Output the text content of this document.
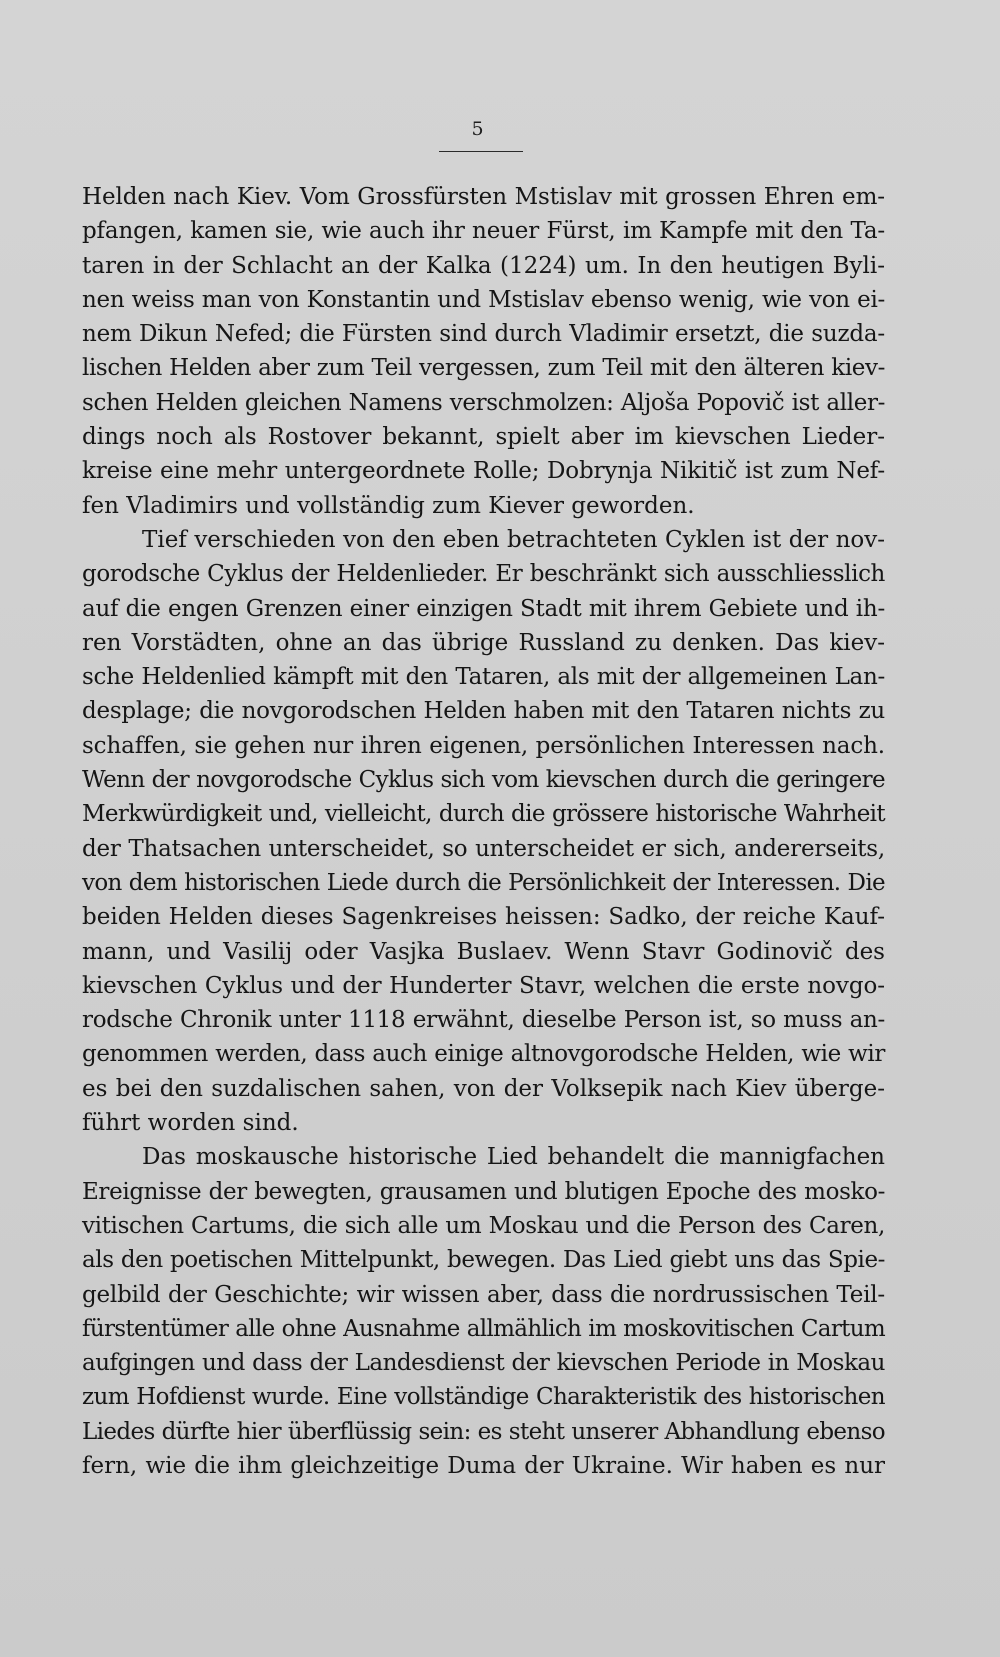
5
Helden nach Kiev. Vom Grossfürsten Mstislav mit grossen Ehren em-
pfangen, kamen sie, wie auch ihr neuer Fürst, im Kampfe mit den Ta-
taren in der Schlacht an der Kalka (1224) um. In den heutigen Byli-
nen weiss man von Konstantin und Mstislav ebenso wenig, wie von ei-
nem Dikun Nefed; die Fürsten sind durch Vladimir ersetzt, die suzda-
lischen Helden aber zum Teil vergessen, zum Teil mit den älteren kiev-
schen Helden gleichen Namens verschmolzen: Aljoša Popovič ist aller-
dings noch als Rostover bekannt, spielt aber im kievschen Lieder-
kreise eine mehr untergeordnete Rolle; Dobrynja Nikitič ist zum Nef-
fen Vladimirs und vollständig zum Kiever geworden.
Tief verschieden von den eben betrachteten Cyklen ist der nov-
gorodsche Cyklus der Heldenlieder. Er beschränkt sich ausschliesslich
auf die engen Grenzen einer einzigen Stadt mit ihrem Gebiete und ih-
ren Vorstädten, ohne an das übrige Russland zu denken. Das kiev-
sche Heldenlied kämpft mit den Tataren, als mit der allgemeinen Lan-
desplage; die novgorodschen Helden haben mit den Tataren nichts zu
schaffen, sie gehen nur ihren eigenen, persönlichen Interessen nach.
Wenn der novgorodsche Cyklus sich vom kievschen durch die geringere
Merkwürdigkeit und, vielleicht, durch die grössere historische Wahrheit
der Thatsachen unterscheidet, so unterscheidet er sich, andererseits,
von dem historischen Liede durch die Persönlichkeit der Interessen. Die
beiden Helden dieses Sagenkreises heissen: Sadko, der reiche Kauf-
mann, und Vasilij oder Vasjka Buslaev. Wenn Stavr Godinovič des
kievschen Cyklus und der Hunderter Stavr, welchen die erste novgo-
rodsche Chronik unter 1118 erwähnt, dieselbe Person ist, so muss an-
genommen werden, dass auch einige altnovgorodsche Helden, wie wir
es bei den suzdalischen sahen, von der Volksepik nach Kiev überge-
führt worden sind.
Das moskausche historische Lied behandelt die mannigfachen
Ereignisse der bewegten, grausamen und blutigen Epoche des mosko-
vitischen Cartums, die sich alle um Moskau und die Person des Caren,
als den poetischen Mittelpunkt, bewegen. Das Lied giebt uns das Spie-
gelbild der Geschichte; wir wissen aber, dass die nordrussischen Teil-
fürstentümer alle ohne Ausnahme allmählich im moskovitischen Cartum
aufgingen und dass der Landesdienst der kievschen Periode in Moskau
zum Hofdienst wurde. Eine vollständige Charakteristik des historischen
Liedes dürfte hier überflüssig sein: es steht unserer Abhandlung ebenso
fern, wie die ihm gleichzeitige Duma der Ukraine. Wir haben es nur
